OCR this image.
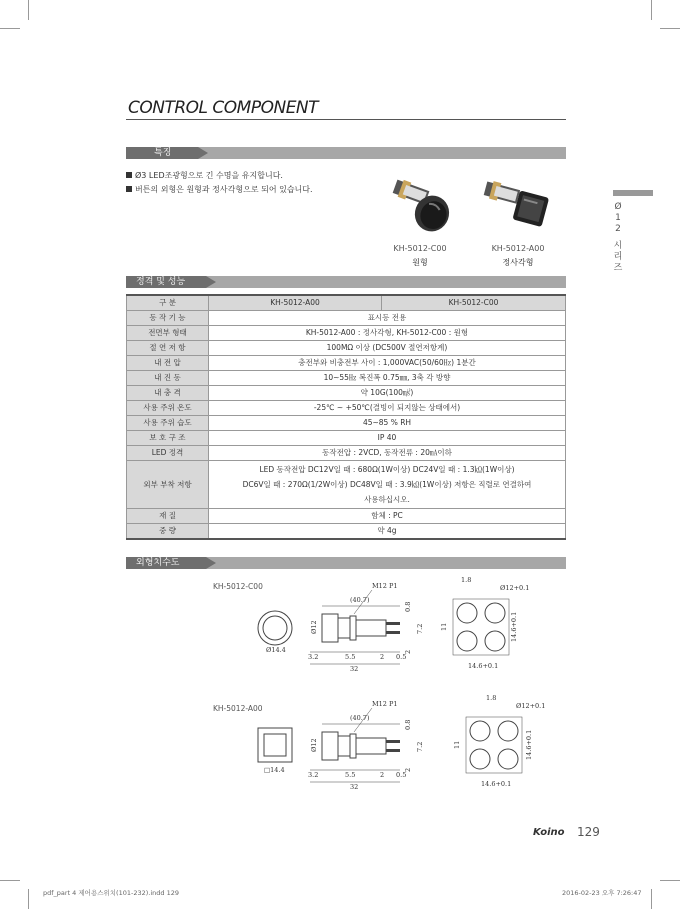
CONTROL COMPONENT
Ø
1
2
시
리
즈
특징
Ø3 LED조광형으로 긴 수명을 유지합니다.
버튼의 외형은 원형과 정사각형으로 되어 있습니다.
KH-5012-C00
원형
KH-5012-A00
정사각형
정격 및 성능
구 분	KH-5012-A00	KH-5012-C00
동 작 기 능	표시등 전용	
전면부 형태	KH-5012-A00 : 정사각형, KH-5012-C00 : 원형	
절 연 저 항	100MΩ 이상 (DC500V 절연저항계)	
내 전 압	충전부와 비충전부 사이 : 1,000VAC(50/60㎐) 1분간	
내 진 동	10~55㎐ 복진폭 0.75㎜, 3축 각 방향	
내 충 격	약 10G(100㎨)	
사용 주위 온도	-25℃ ~ +50℃(결빙이 되지않는 상태에서)	
사용 주위 습도	45~85 % RH	
보 호 구 조	IP 40	
LED 정격	동작전압 : 2VCD, 동작전류 : 20㎃이하	
외부 부착 저항	LED 동작전압 DC12V일 때 : 680Ω(1W이상) DC24V일 때 : 1.3㏀(1W이상)
DC6V일 때 : 270Ω(1/2W이상) DC48V일 때 : 3.9㏀(1W이상) 저항은 직렬로 연결하여
사용하십시오.	

재 질	함체 : PC	
중 량	약 4g	
외형치수도
KH-5012-C00
KH-5012-A00
Ø14.4
(40.7)
M12 P1
Ø12
3.2	5.5	2 0.5
32
0.8
7.2
2
1.8
Ø12+0.1
11	14.6+0.1
14.6+0.1
□14.4
(40.7)
M12 P1
Ø12
3.2	5.5	2 0.5
32
0.8
7.2
2
1.8
Ø12+0.1
11	14.6+0.1
14.6+0.1
Koino 129
pdf_part 4 제어용스위치(101-232).indd 129	2016-02-23 오후 7:26:47
